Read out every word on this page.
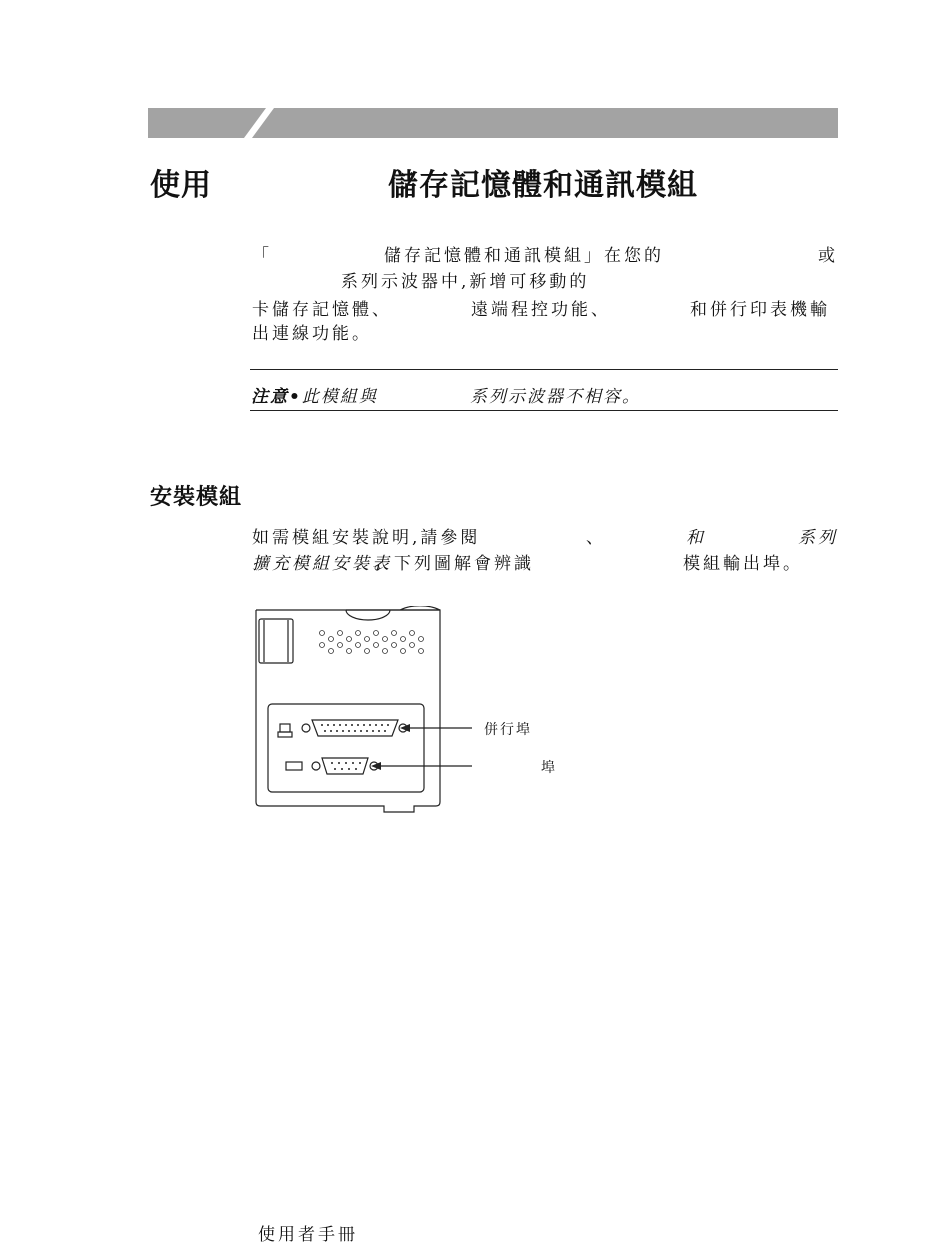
使用	儲存記憶體和通訊模組
「	儲存記憶體和通訊模組」在您的	或
系列示波器中,新增可移動的
卡儲存記憶體、	遠端程控功能、	和併行印表機輸
出連線功能。
注意•此模組與	系列示波器不相容。
安裝模組
如需模組安裝說明,請參閱	、	和	系列
擴充模組安裝表
。下列圖解會辨識	模組輸出埠。
併行埠
埠
使用者手冊
